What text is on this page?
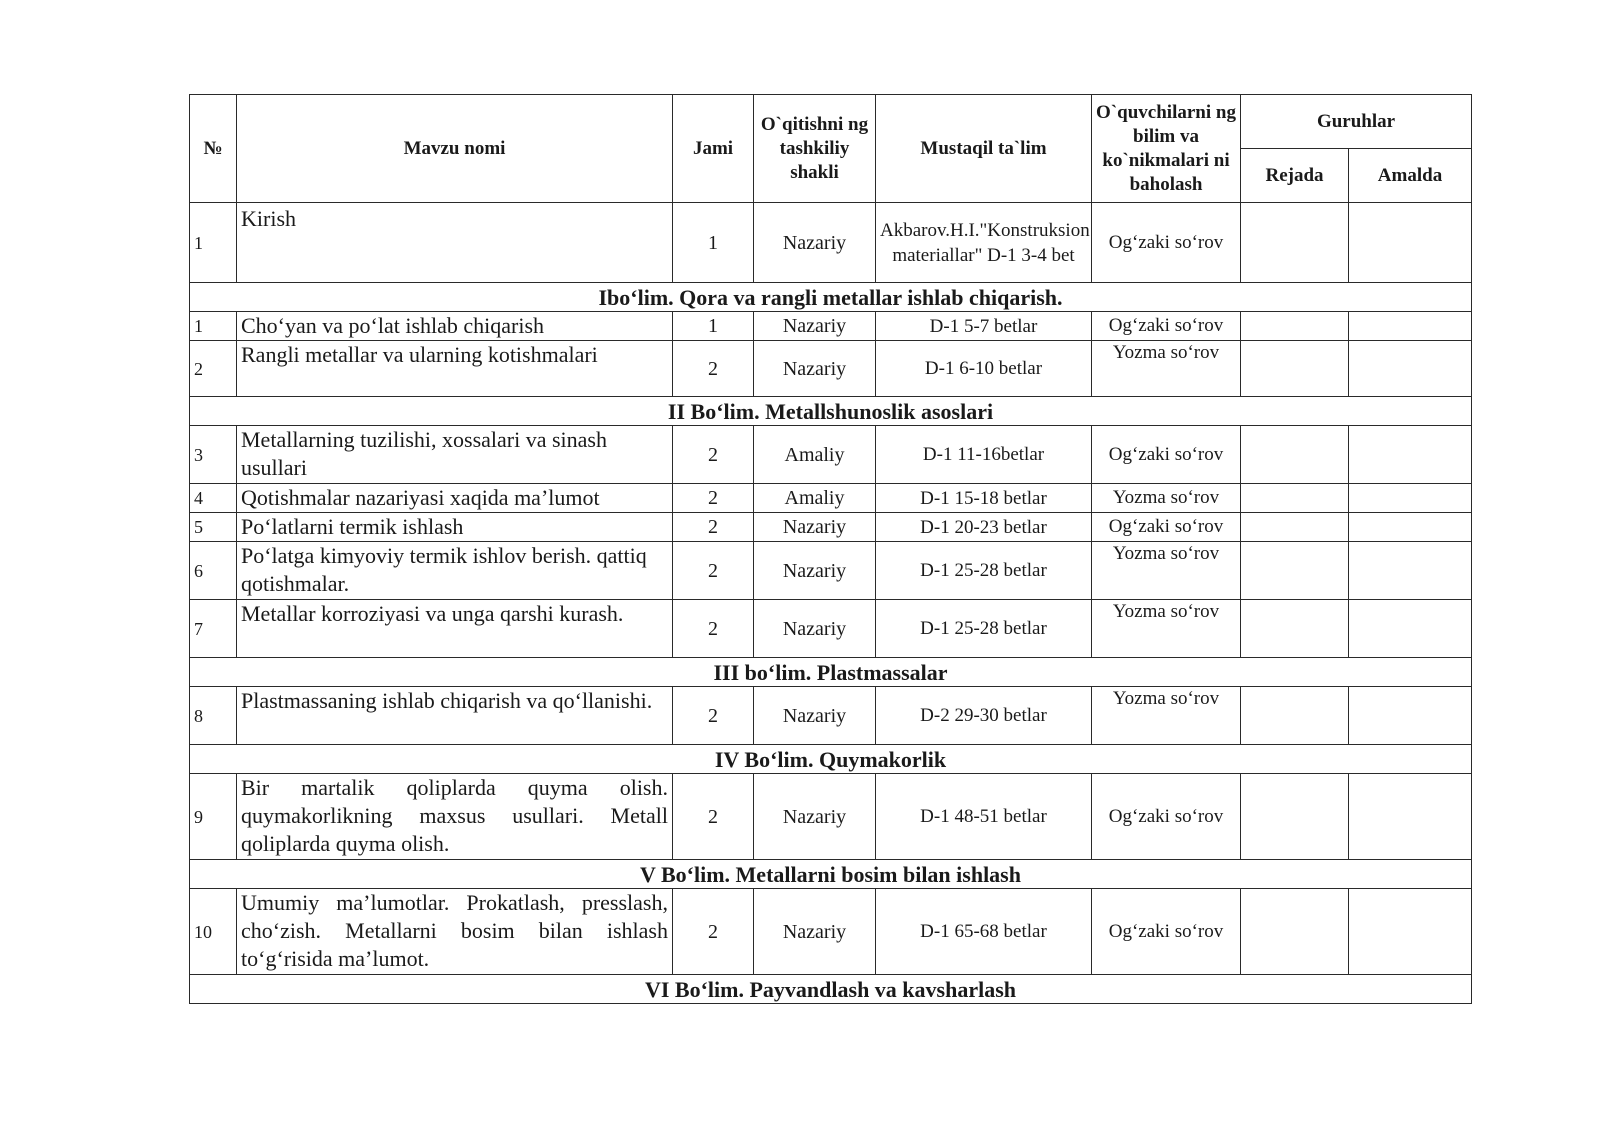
№	Mavzu nomi	Jami	O`qitishni ng tashkiliy shakli	Mustaqil ta`lim	O`quvchilarni ng bilim va ko`nikmalari ni baholash	Guruhlar	
						Rejada	Amalda
1	Kirish	1	Nazariy	Akbarov.H.I."Konstruksion materiallar" D-1 3-4 bet	Og‘zaki so‘rov		
Ibo‘lim. Qora va rangli metallar ishlab chiqarish.							
1	Cho‘yan va po‘lat ishlab chiqarish	1	Nazariy	D-1 5-7 betlar	Og‘zaki so‘rov		
2	Rangli metallar va ularning kotishmalari	2	Nazariy	D-1 6-10 betlar	Yozma so‘rov		
II Bo‘lim. Metallshunoslik asoslari							
3	Metallarning tuzilishi, xossalari va sinash usullari	2	Amaliy	D-1 11-16betlar	Og‘zaki so‘rov		
4	Qotishmalar nazariyasi xaqida ma’lumot	2	Amaliy	D-1 15-18 betlar	Yozma so‘rov		
5	Po‘latlarni termik ishlash	2	Nazariy	D-1 20-23 betlar	Og‘zaki so‘rov		
6	Po‘latga kimyoviy termik ishlov berish. qattiq qotishmalar.	2	Nazariy	D-1 25-28 betlar	Yozma so‘rov		
7	Metallar korroziyasi va unga qarshi kurash.	2	Nazariy	D-1 25-28 betlar	Yozma so‘rov		
III bo‘lim. Plastmassalar							
8	Plastmassaning ishlab chiqarish va qo‘llanishi.	2	Nazariy	D-2 29-30 betlar	Yozma so‘rov		
IV Bo‘lim. Quymakorlik							
9	Bir martalik qoliplarda quyma olish. quymakorlikning maxsus usullari. Metall qoliplarda quyma olish.	2	Nazariy	D-1 48-51 betlar	Og‘zaki so‘rov		
V Bo‘lim. Metallarni bosim bilan ishlash							
10	Umumiy ma’lumotlar. Prokatlash, presslash, cho‘zish. Metallarni bosim bilan ishlash to‘g‘risida ma’lumot.	2	Nazariy	D-1 65-68 betlar	Og‘zaki so‘rov		
VI Bo‘lim. Payvandlash va kavsharlash							
